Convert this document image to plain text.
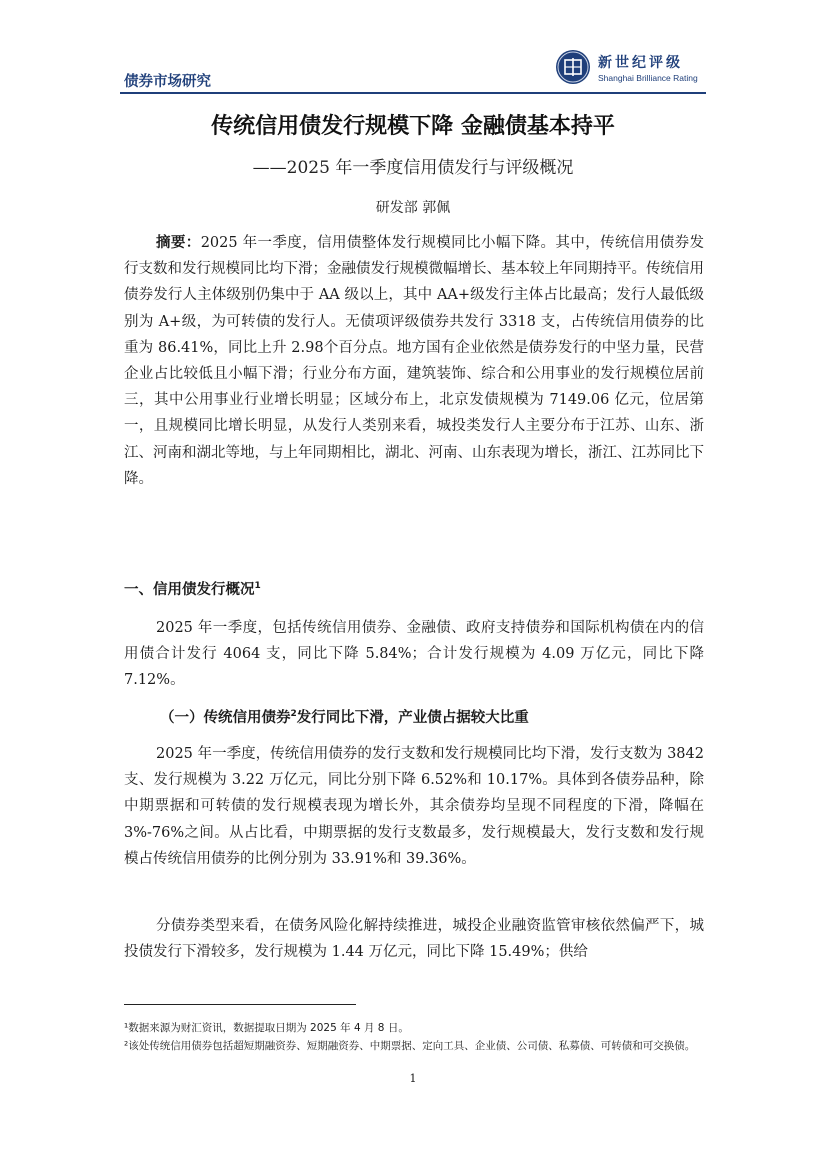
债券市场研究
新世纪评级
Shanghai Brilliance Rating
传统信用债发行规模下降 金融债基本持平
——2025 年一季度信用债发行与评级概况
研发部 郭佩
摘要：2025 年一季度，信用债整体发行规模同比小幅下降。其中，传统信用债券发行支数和发行规模同比均下滑；金融债发行规模微幅增长、基本较上年同期持平。传统信用债券发行人主体级别仍集中于 AA 级以上，其中 AA+级发行主体占比最高；发行人最低级别为 A+级，为可转债的发行人。无债项评级债券共发行 3318 支，占传统信用债券的比重为 86.41%，同比上升 2.98个百分点。地方国有企业依然是债券发行的中坚力量，民营企业占比较低且小幅下滑；行业分布方面，建筑装饰、综合和公用事业的发行规模位居前三，其中公用事业行业增长明显；区域分布上，北京发债规模为 7149.06 亿元，位居第一，且规模同比增长明显，从发行人类别来看，城投类发行人主要分布于江苏、山东、浙江、河南和湖北等地，与上年同期相比，湖北、河南、山东表现为增长，浙江、江苏同比下降。
一、信用债发行概况$^1$
2025 年一季度，包括传统信用债券、金融债、政府支持债券和国际机构债在内的信用债合计发行 4064 支，同比下降 5.84%；合计发行规模为 4.09 万亿元，同比下降 7.12%。
（一）传统信用债券$^2$发行同比下滑，产业债占据较大比重
2025 年一季度，传统信用债券的发行支数和发行规模同比均下滑，发行支数为 3842 支、发行规模为 3.22 万亿元，同比分别下降 6.52%和 10.17%。具体到各债券品种，除中期票据和可转债的发行规模表现为增长外，其余债券均呈现不同程度的下滑，降幅在 3%-76%之间。从占比看，中期票据的发行支数最多，发行规模最大，发行支数和发行规模占传统信用债券的比例分别为 33.91%和 39.36%。
分债券类型来看，在债务风险化解持续推进，城投企业融资监管审核依然偏严下，城投债发行下滑较多，发行规模为 1.44 万亿元，同比下降 15.49%；供给
¹数据来源为财汇资讯，数据提取日期为 2025 年 4 月 8 日。
²该处传统信用债券包括超短期融资券、短期融资券、中期票据、定向工具、企业债、公司债、私募债、可转债和可交换债。
1
